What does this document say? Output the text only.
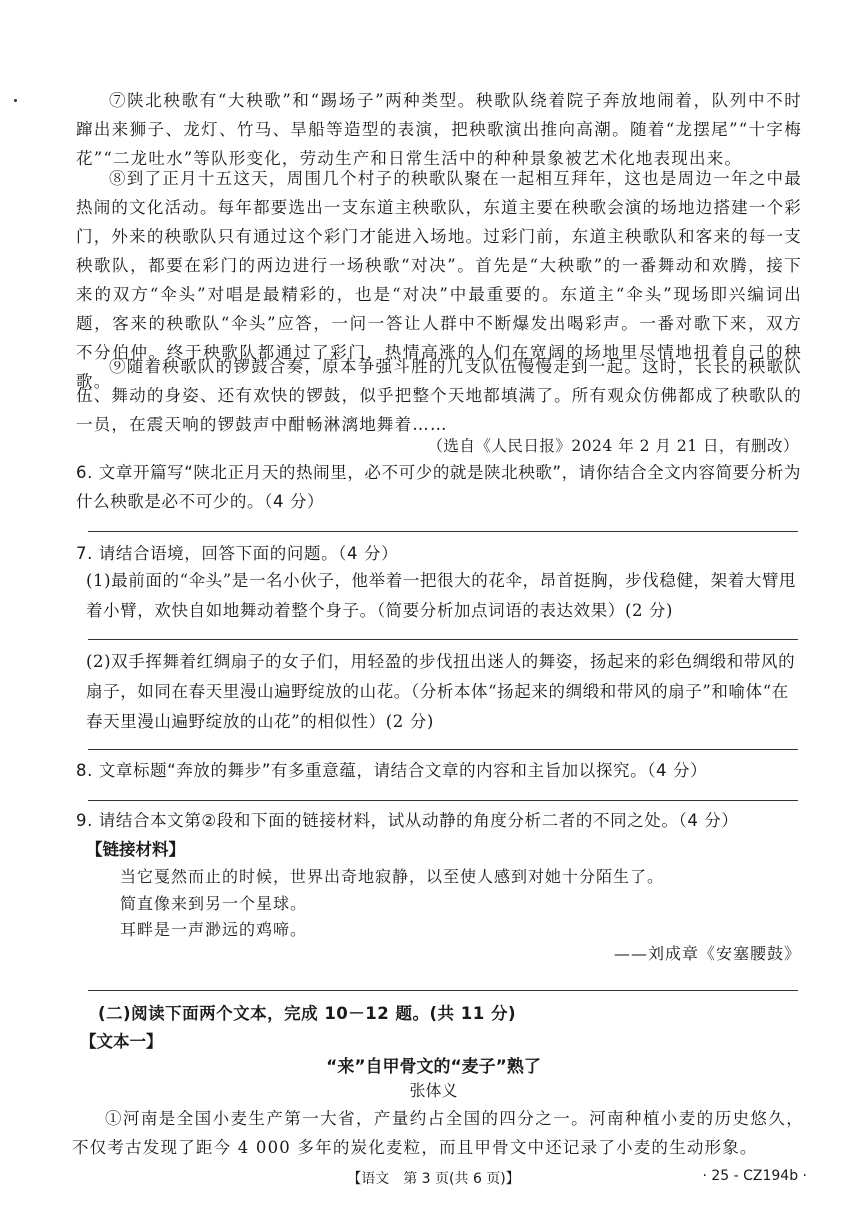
⑦陕北秧歌有“大秧歌”和“踢场子”两种类型。秧歌队绕着院子奔放地闹着，队列中不时蹿出来狮子、龙灯、竹马、旱船等造型的表演，把秧歌演出推向高潮。随着“龙摆尾”“十字梅花”“二龙吐水”等队形变化，劳动生产和日常生活中的种种景象被艺术化地表现出来。

⑧到了正月十五这天，周围几个村子的秧歌队聚在一起相互拜年，这也是周边一年之中最热闹的文化活动。每年都要选出一支东道主秧歌队，东道主要在秧歌会演的场地边搭建一个彩门，外来的秧歌队只有通过这个彩门才能进入场地。过彩门前，东道主秧歌队和客来的每一支秧歌队，都要在彩门的两边进行一场秧歌“对决”。首先是“大秧歌”的一番舞动和欢腾，接下来的双方“伞头”对唱是最精彩的，也是“对决”中最重要的。东道主“伞头”现场即兴编词出题，客来的秧歌队“伞头”应答，一问一答让人群中不断爆发出喝彩声。一番对歌下来，双方不分伯仲。终于秧歌队都通过了彩门，热情高涨的人们在宽阔的场地里尽情地扭着自己的秧歌。

⑨随着秧歌队的锣鼓合奏，原本争强斗胜的几支队伍慢慢走到一起。这时，长长的秧歌队伍、舞动的身姿、还有欢快的锣鼓，似乎把整个天地都填满了。所有观众仿佛都成了秧歌队的一员，在震天响的锣鼓声中酣畅淋漓地舞着……

（选自《人民日报》2024 年 2 月 21 日，有删改）

6. 文章开篇写“陕北正月天的热闹里，必不可少的就是陕北秧歌”，请你结合全文内容简要分析为什么秧歌是必不可少的。（4 分）

7. 请结合语境，回答下面的问题。（4 分）

(1)最前面的“伞头”是一名小伙子，他举着一把很大的花伞，昂首挺胸，步伐稳健，架着大臂甩着小臂，欢快自如地舞动着整个身子。（简要分析加点词语的表达效果）(2 分)

(2)双手挥舞着红绸扇子的女子们，用轻盈的步伐扭出迷人的舞姿，扬起来的彩色绸缎和带风的扇子，如同在春天里漫山遍野绽放的山花。（分析本体“扬起来的绸缎和带风的扇子”和喻体“在春天里漫山遍野绽放的山花”的相似性）(2 分)

8. 文章标题“奔放的舞步”有多重意蕴，请结合文章的内容和主旨加以探究。（4 分）

9. 请结合本文第②段和下面的链接材料，试从动静的角度分析二者的不同之处。（4 分）

【链接材料】

当它戛然而止的时候，世界出奇地寂静，以至使人感到对她十分陌生了。

简直像来到另一个星球。

耳畔是一声渺远的鸡啼。

——刘成章《安塞腰鼓》
(二)阅读下面两个文本，完成 10－12 题。(共 11 分)
【文本一】
“来”自甲骨文的“麦子”熟了
张体义

①河南是全国小麦生产第一大省，产量约占全国的四分之一。河南种植小麦的历史悠久，不仅考古发现了距今 4 000 多年的炭化麦粒，而且甲骨文中还记录了小麦的生动形象。

【语文　第 3 页(共 6 页)】	· 25 - CZ194b ·
